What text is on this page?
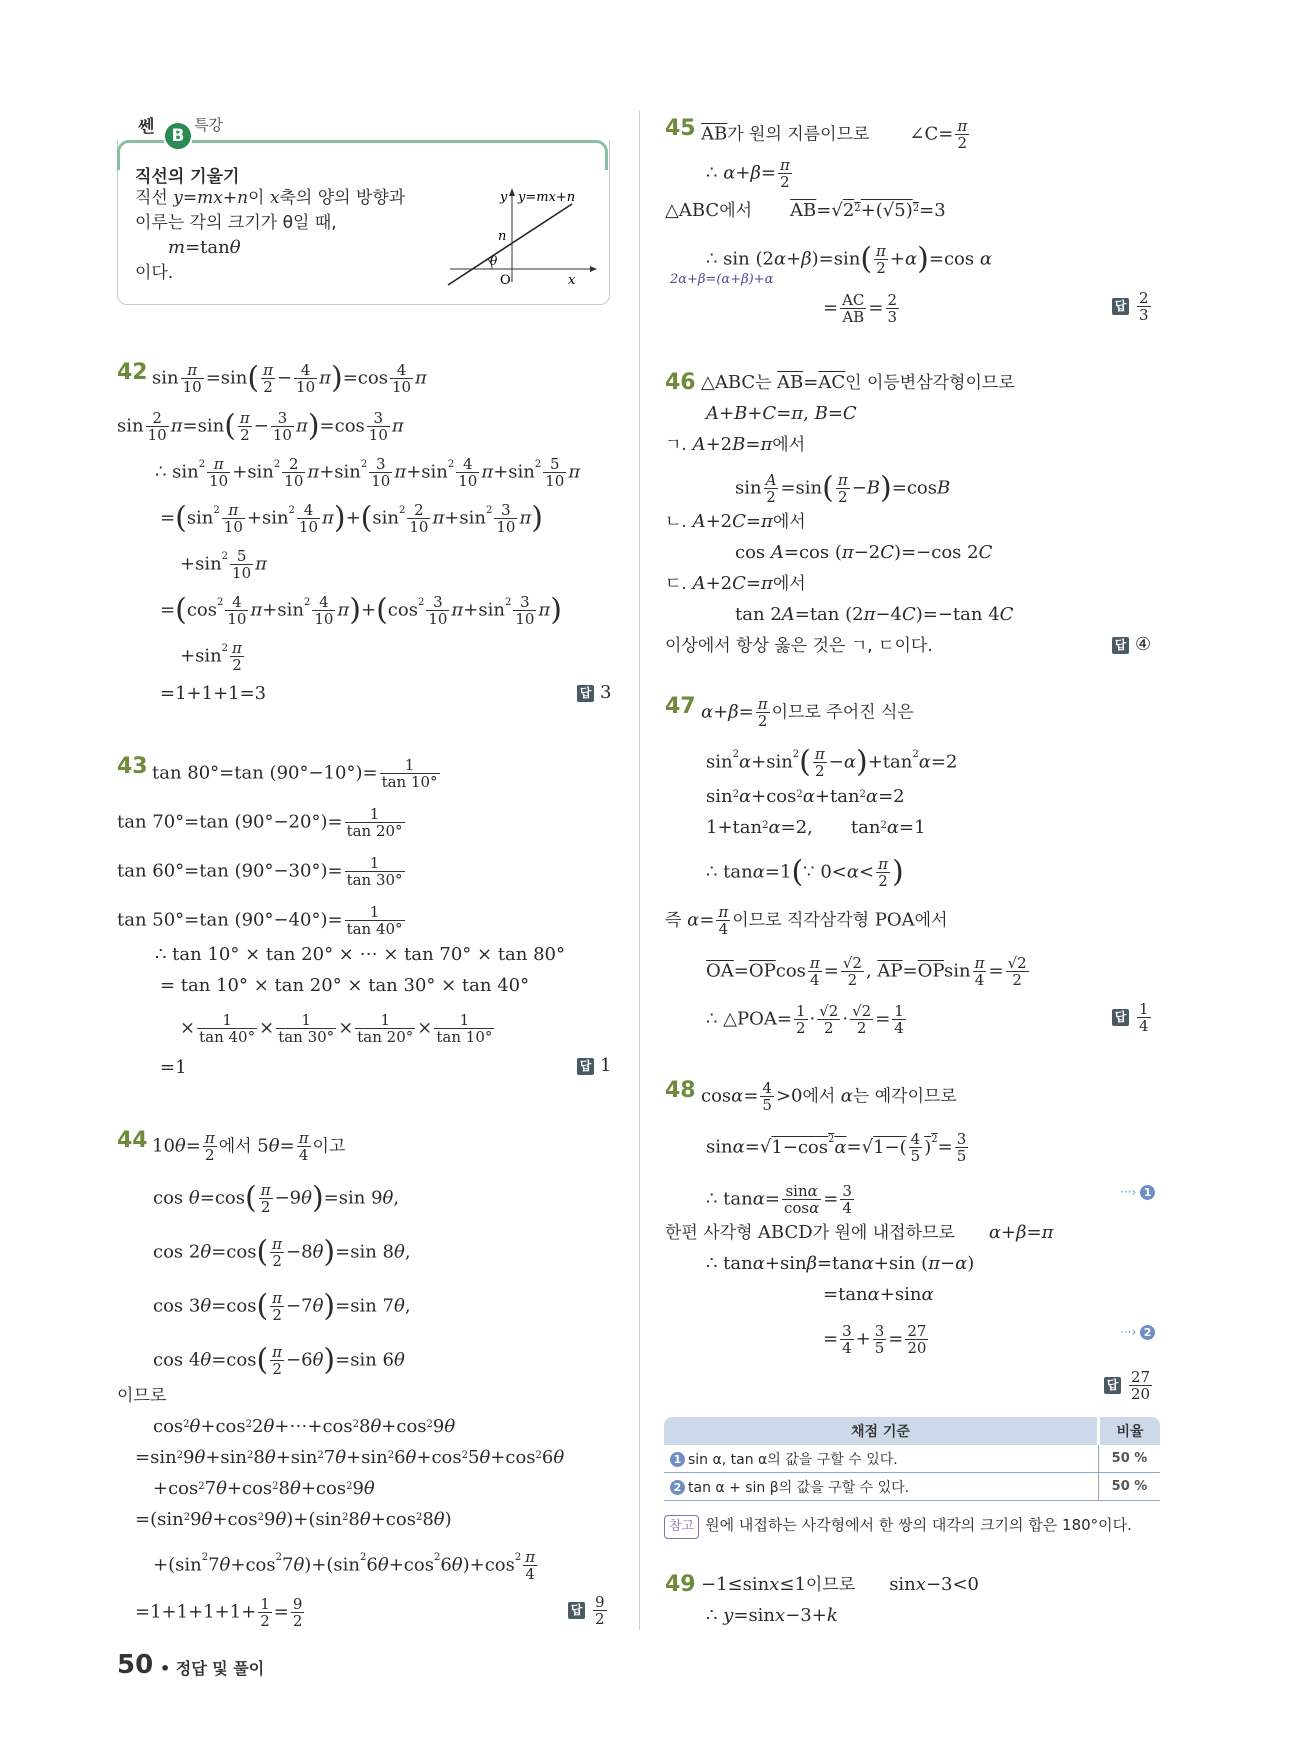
쎈	B
특강
직선의 기울기
직선 y=mx+n이 x축의 양의 방향과
이루는 각의 크기가 θ일 때,
m=tanθ
이다.
y y=mx+n
n
θ
O	x
42 $\sin \frac{\pi}{10} =\sin( \frac{\pi}{2} - \frac{4}{10} \pi)=\cos \frac{4}{10}$ π
$\sin \frac{2}{10} \pi=\sin( \frac{\pi}{2} - \frac{3}{10} \pi)=\cos \frac{3}{10}$ π
∴ $\sin^2 \frac{\pi}{10} +\sin^2 \frac{2}{10} \pi+\sin^2 \frac{3}{10} \pi+\sin^2 \frac{4}{10} \pi+\sin^2 \frac{5}{10}$ π
$=(\sin^2 \frac{\pi}{10} +\sin^2 \frac{4}{10} \pi)+(\sin^2 \frac{2}{10} \pi+\sin^2 \frac{3}{10} \pi)$
$+\sin^2 \frac{5}{10}$ π
$=(\cos^2 \frac{4}{10} \pi+\sin^2 \frac{4}{10} \pi)+(\cos^2 \frac{3}{10} \pi+\sin^2 \frac{3}{10} \pi)$
$+\sin^2 \frac{\pi}{2}$
=1+1+1=3	답 3
43 tan 80°=tan $(90^\circ-10^\circ)= \frac{1}{\tan 10^\circ}$
tan 70°=tan $(90^\circ-20^\circ)= \frac{1}{\tan 20^\circ}$
tan 60°=tan $(90^\circ-30^\circ)= \frac{1}{\tan 30^\circ}$
tan 50°=tan $(90^\circ-40^\circ)= \frac{1}{\tan 40^\circ}$
∴ tan 10° × tan 20° × ⋯ × tan 70° × tan 80°
= tan 10° × tan 20° × tan 30° × tan 40°
× $\frac{1}{\tan 40^\circ} \times \frac{1}{\tan 30^\circ} \times \frac{1}{\tan 20^\circ} \times \frac{1}{\tan 10^\circ}$
=1	답 1
44 $10\theta= \frac{\pi}{2}$ 에서 $5\theta= \frac{\pi}{4}$ 이고
$\cos \theta=\cos( \frac{\pi}{2} -9\theta)=\sin$ 9θ,
$\cos 2\theta=\cos( \frac{\pi}{2} -8\theta)=\sin$ 8θ,
$\cos 3\theta=\cos( \frac{\pi}{2} -7\theta)=\sin$ 7θ,
$\cos 4\theta=\cos( \frac{\pi}{2} -6\theta)=\sin$ 6θ
이므로
$\cos^2\theta+\cos^22\theta+\cdots+\cos^28\theta+\cos^29\theta$
$=\sin^29\theta+\sin^28\theta+\sin^27\theta+\sin^26\theta+\cos^25\theta+\cos^26\theta$
$+\cos^27\theta+\cos^28\theta+\cos^29\theta$
$=(\sin^29\theta+\cos^29\theta)+(\sin^28\theta+\cos^28\theta)$
$+(\sin^27\theta+\cos^27\theta)+(\sin^26\theta+\cos^26\theta)+\cos^2 \frac{\pi}{4}$
$=1+1+1+1+ \frac{1}{2} = \frac{9}{2}$	답 $\frac{9}{2}$
50 • 정답 및 풀이
45 $\overline{AB}$가 원의 지름이므로 ∠C= $\frac{\pi}{2}$
∴ $\alpha+\beta= \frac{\pi}{2}$
△ABC에서 $\overline{AB}=√2^2+(√5)^2=3$
∴ $\sin (2\alpha+\beta)=\sin( \frac{\pi}{2} +\alpha)=\cos$ α
2α+β=(α+β)+α
= $\frac{AC}{AB} = \frac{2}{3}$	답 $\frac{2}{3}$
46 △ABC는 $\overline{AB}=\overline{AC}$인 이등변삼각형이므로
A+B+C=π, B=C
ㄱ. A+2B=π에서
$\sin \frac{A}{2} =\sin( \frac{\pi}{2} -B)=\cos B$
ㄴ. A+2C=π에서
cos A=cos (π−2C)=−cos 2C
ㄷ. A+2C=π에서
tan 2A=tan (2π−4C)=−tan 4C
이상에서 항상 옳은 것은 ㄱ, ㄷ이다.	답 ④
47 $\alpha+\beta= \frac{\pi}{2}$ 이므로 주어진 식은
$\sin^2\alpha+\sin^2( \frac{\pi}{2} -\alpha)+\tan^2\alpha=2$
$\sin^2\alpha+\cos^2\alpha+\tan^2\alpha=2$
$1+\tan^2\alpha=2$, $\tan^2\alpha=1$
∴ tanα=1(∵ $0<\alpha< \frac{\pi}{2}$ )
즉 $\alpha= \frac{\pi}{4}$ 이므로 직각삼각형 POA에서
$\overline{OA}=\overline{OP}\cos \frac{\pi}{4} = \frac{√2}{2}$ , $\overline{AP}=\overline{OP}\sin \frac{\pi}{4} = \frac{√2}{2}$
∴ △POA= $\frac{1}{2} \cdot \frac{√2}{2} \cdot \frac{√2}{2} = \frac{1}{4}$	답 $\frac{1}{4}$
48 $\cos\alpha= \frac{4}{5} >0$에서 α는 예각이므로
$\sin\alpha=√1-\cos^2\alpha=√1-( \frac{4}{5} )^2= \frac{3}{5}$
∴ $\tan\alpha= \frac{\sin\alpha}{\cos\alpha} = \frac{3}{4}$	···› 1
한편 사각형 ABCD가 원에 내접하므로 α+β=π
∴ tanα+sinβ=tanα+sin (π−α)
=tanα+sinα
= $\frac{3}{4} + \frac{3}{5} = \frac{27}{20}$	···› 2
답 $\frac{27}{20}$
채점 기준	비율
1 sin α, tan α의 값을 구할 수 있다.	50 %
2 tan α + sin β의 값을 구할 수 있다.	50 %
참고 원에 내접하는 사각형에서 한 쌍의 대각의 크기의 합은 180°이다.
49 −1≤sinx≤1이므로 sinx−3<0
∴ y=sinx−3+k
